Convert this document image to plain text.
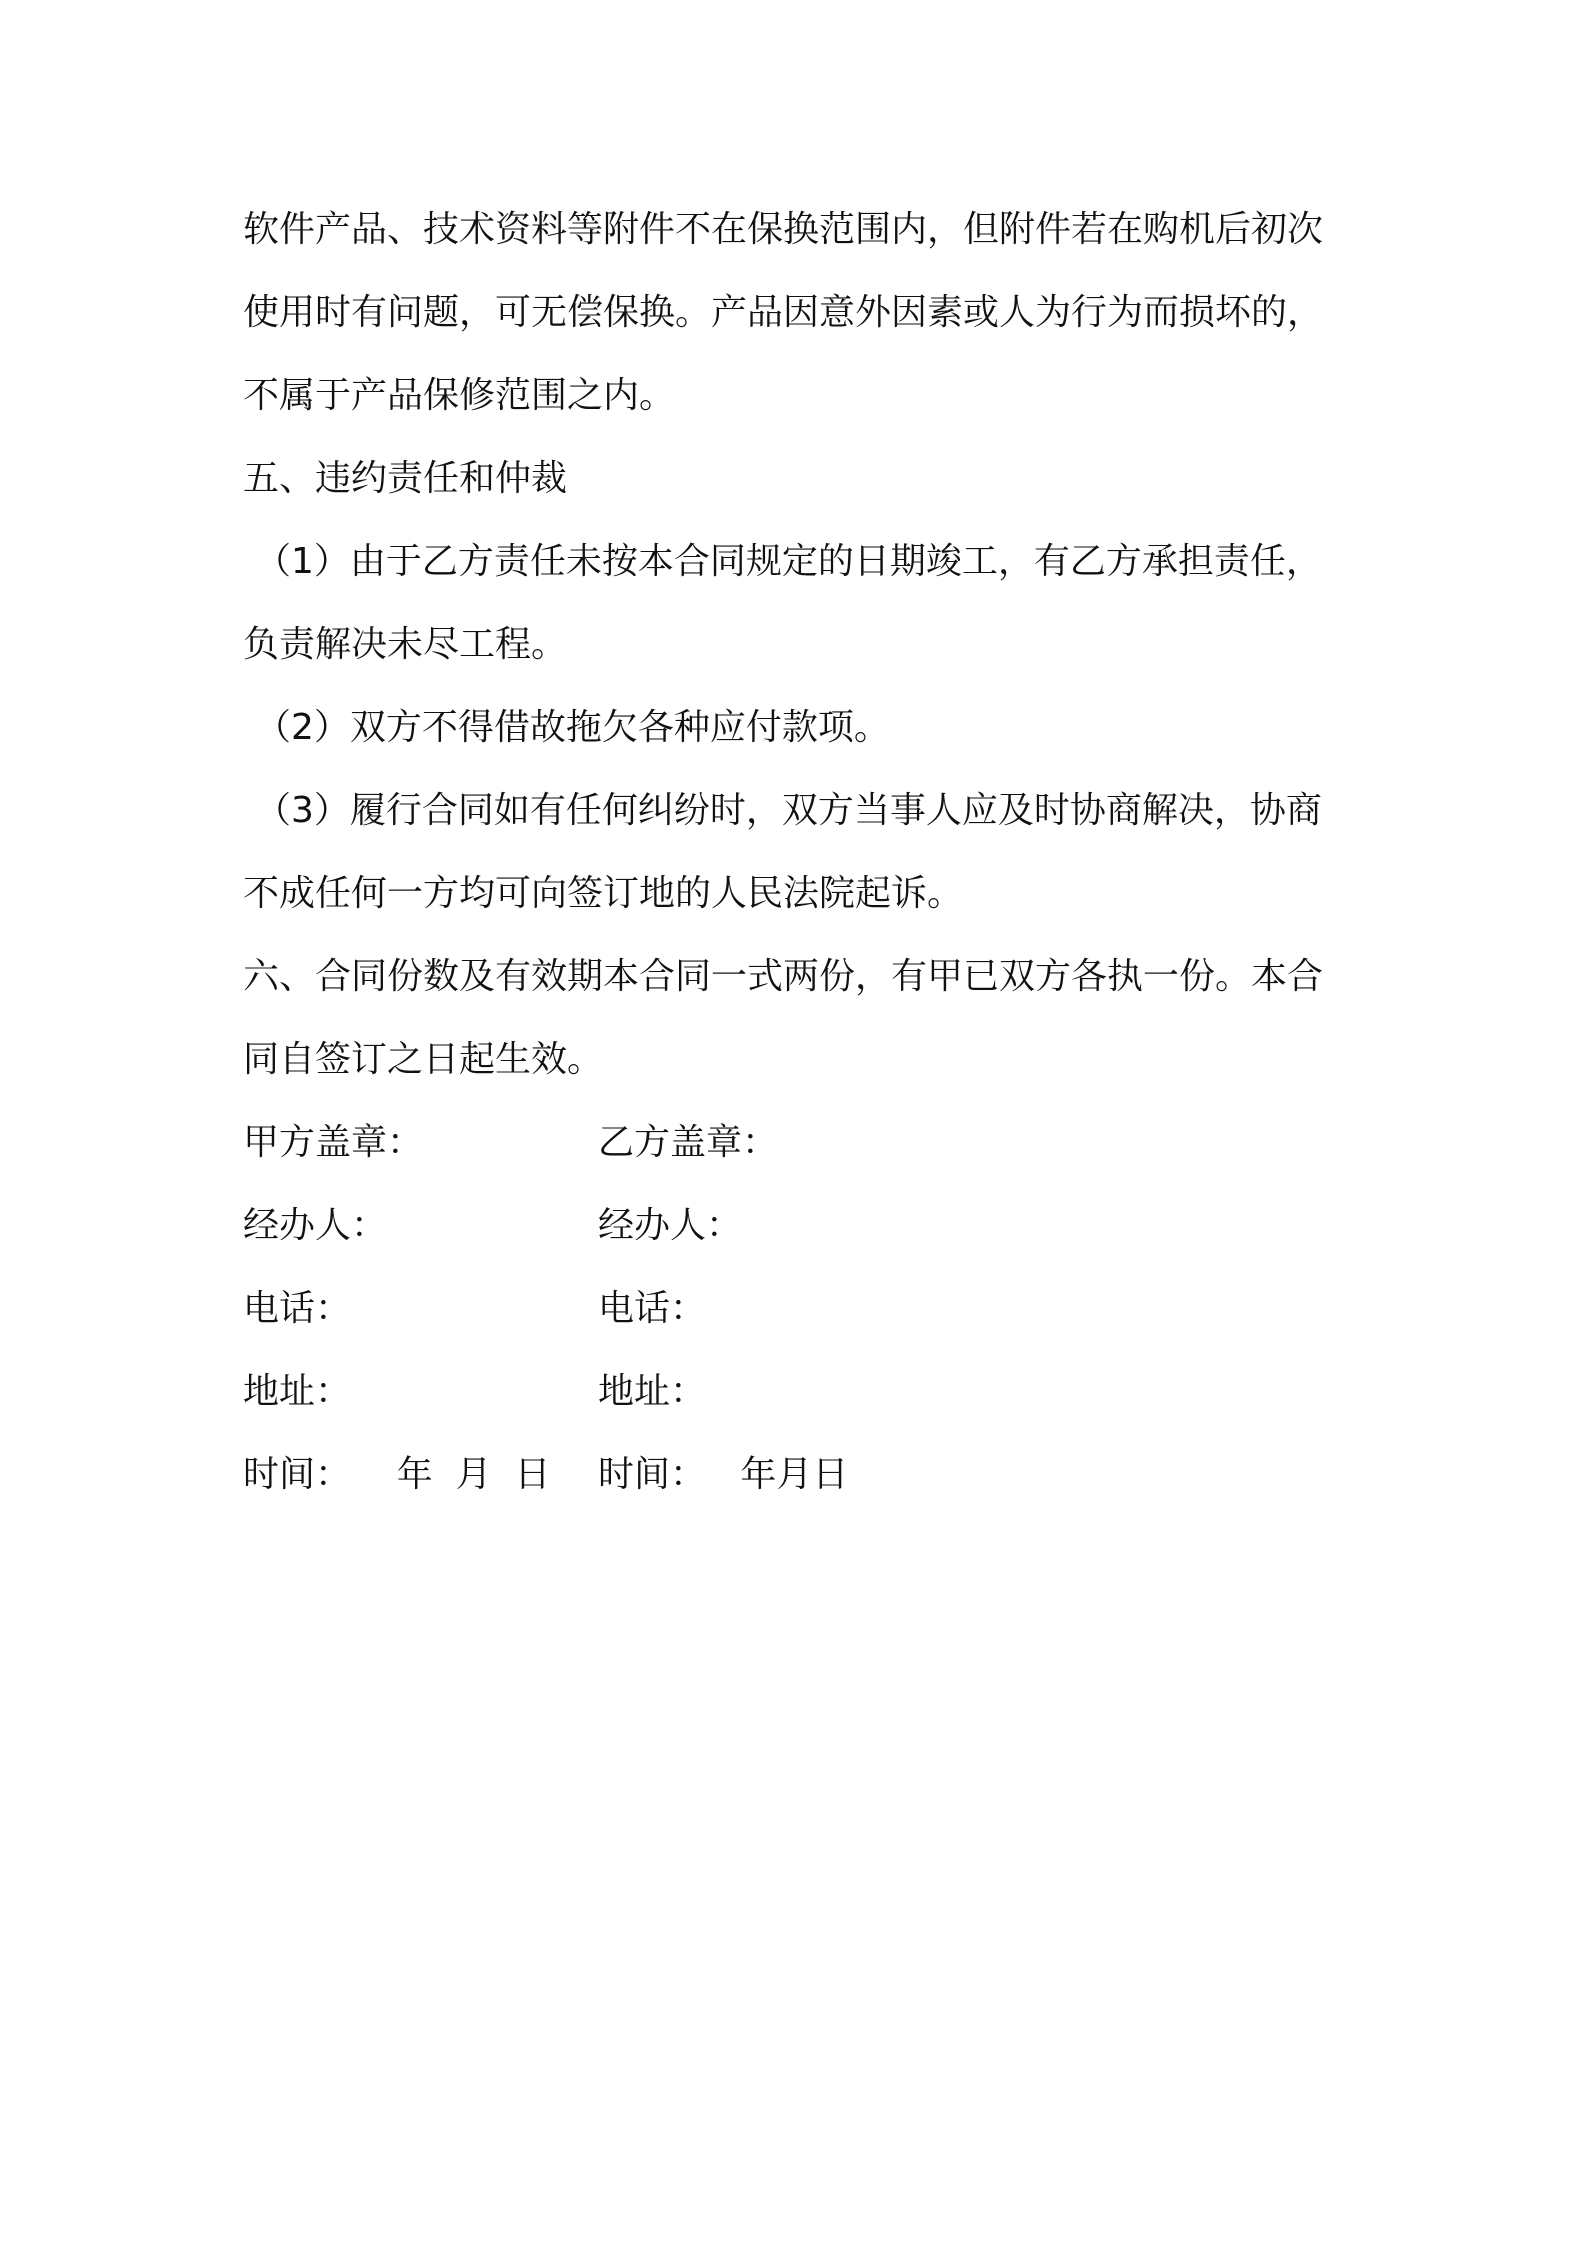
软件产品、技术资料等附件不在保换范围内，但附件若在购机后初次
使用时有问题，可无偿保换。产品因意外因素或人为行为而损坏的，
不属于产品保修范围之内。
五、违约责任和仲裁
（1）由于乙方责任未按本合同规定的日期竣工，有乙方承担责任，
负责解决未尽工程。
（2）双方不得借故拖欠各种应付款项。
（3）履行合同如有任何纠纷时，双方当事人应及时协商解决，协商
不成任何一方均可向签订地的人民法院起诉。
六、合同份数及有效期本合同一式两份，有甲已双方各执一份。本合
同自签订之日起生效。
甲方盖章：	乙方盖章：
经办人：	经办人：
电话：	电话：
地址：	地址：
时间：    年  月  日 时间：   年月日
